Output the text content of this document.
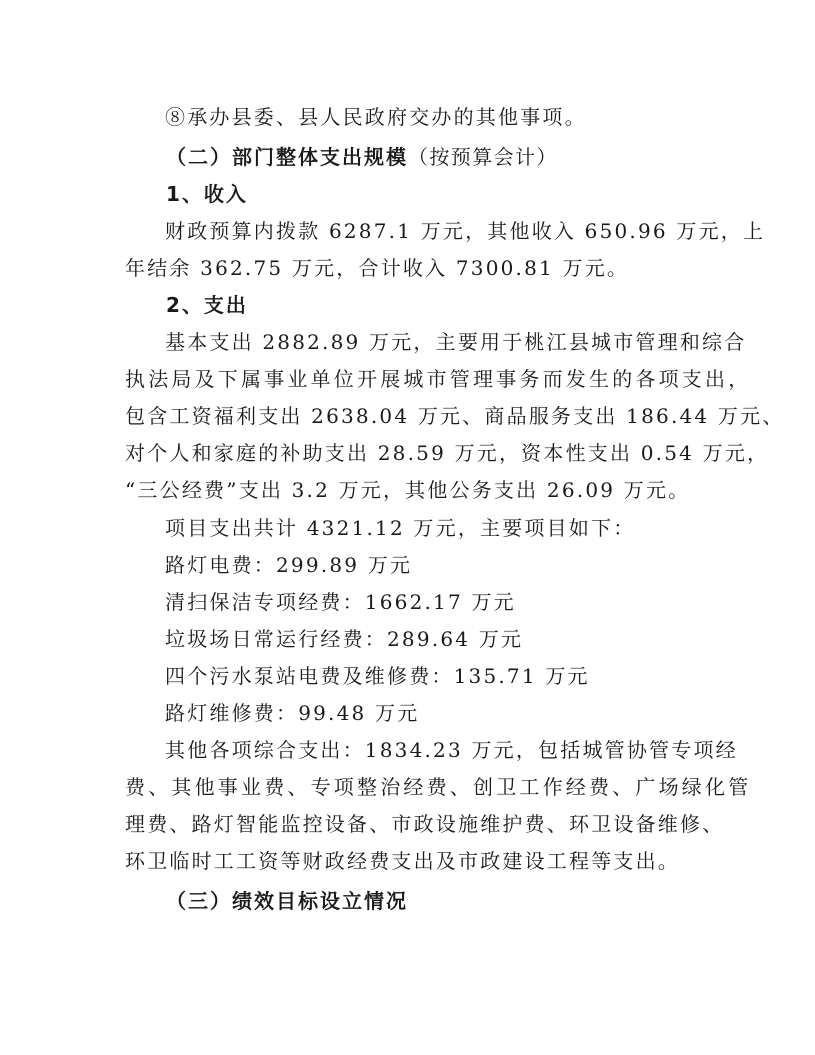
⑧承办县委、县人民政府交办的其他事项。
（二）部门整体支出规模（按预算会计）
1、收入
财政预算内拨款 6287.1 万元，其他收入 650.96 万元，上
年结余 362.75 万元，合计收入 7300.81 万元。
2、支出
基本支出 2882.89 万元，主要用于桃江县城市管理和综合
执法局及下属事业单位开展城市管理事务而发生的各项支出，
包含工资福利支出 2638.04 万元、商品服务支出 186.44 万元、
对个人和家庭的补助支出 28.59 万元，资本性支出 0.54 万元，
“三公经费”支出 3.2 万元，其他公务支出 26.09 万元。
项目支出共计 4321.12 万元，主要项目如下：
路灯电费：299.89 万元
清扫保洁专项经费：1662.17 万元
垃圾场日常运行经费：289.64 万元
四个污水泵站电费及维修费：135.71 万元
路灯维修费：99.48 万元
其他各项综合支出：1834.23 万元，包括城管协管专项经
费、其他事业费、专项整治经费、创卫工作经费、广场绿化管
理费、路灯智能监控设备、市政设施维护费、环卫设备维修、
环卫临时工工资等财政经费支出及市政建设工程等支出。
（三）绩效目标设立情况
